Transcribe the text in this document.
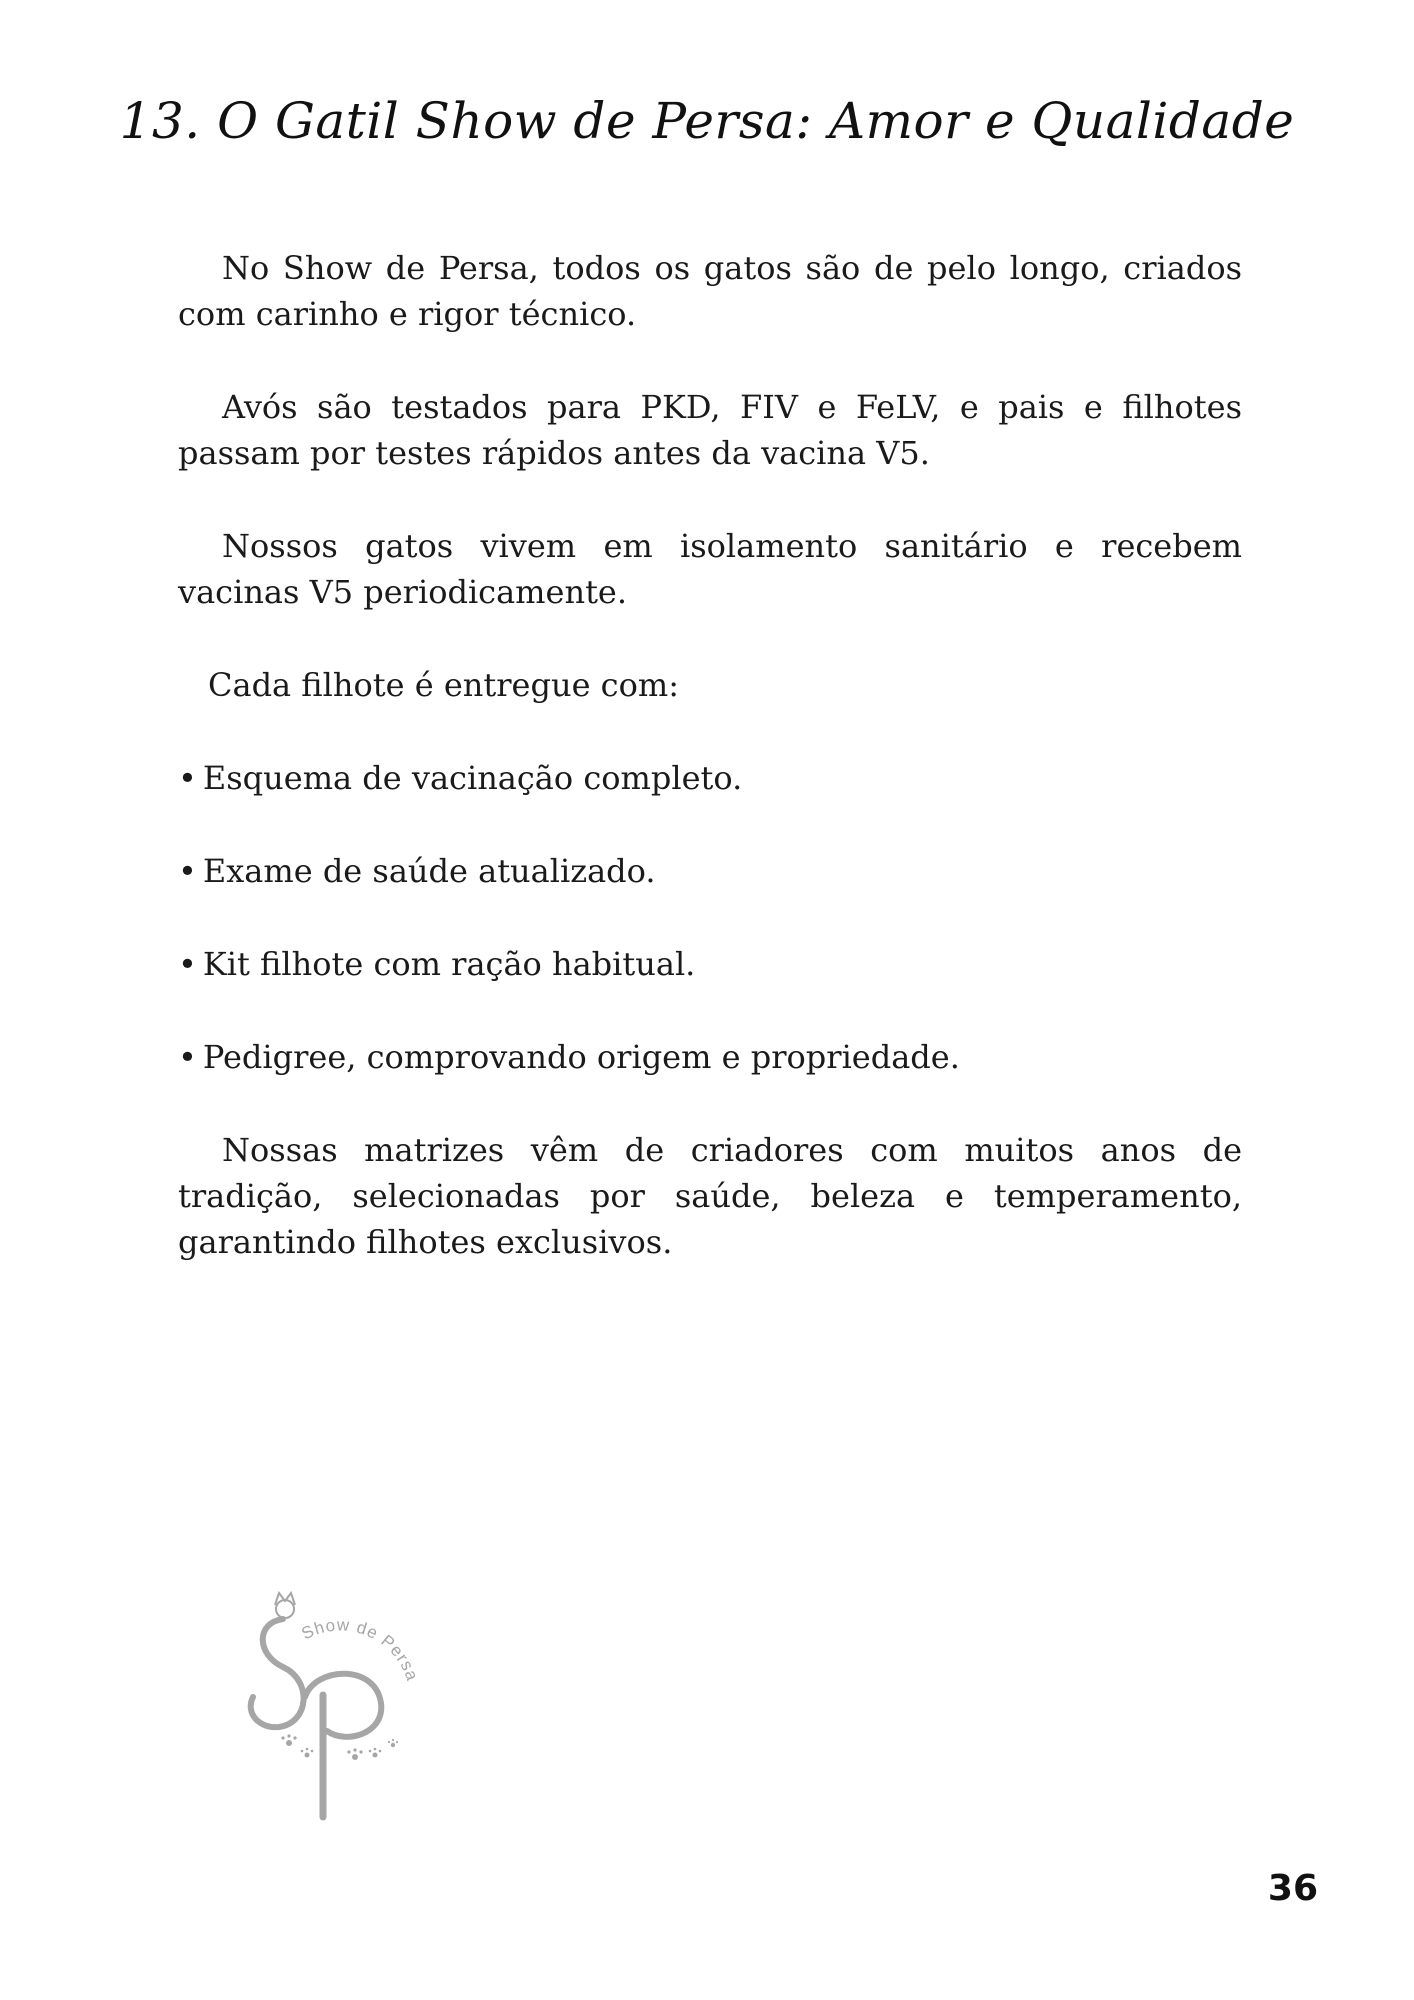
13. O Gatil Show de Persa: Amor e Qualidade

No Show de Persa, todos os gatos são de pelo longo, criados com carinho e rigor técnico.

Avós são testados para PKD, FIV e FeLV, e pais e filhotes passam por testes rápidos antes da vacina V5.

Nossos gatos vivem em isolamento sanitário e recebem vacinas V5 periodicamente.

Cada filhote é entregue com:

• Esquema de vacinação completo.
• Exame de saúde atualizado.
• Kit filhote com ração habitual.
• Pedigree, comprovando origem e propriedade.

Nossas matrizes vêm de criadores com muitos anos de tradição, selecionadas por saúde, beleza e temperamento, garantindo filhotes exclusivos.

Show de Persa
36
